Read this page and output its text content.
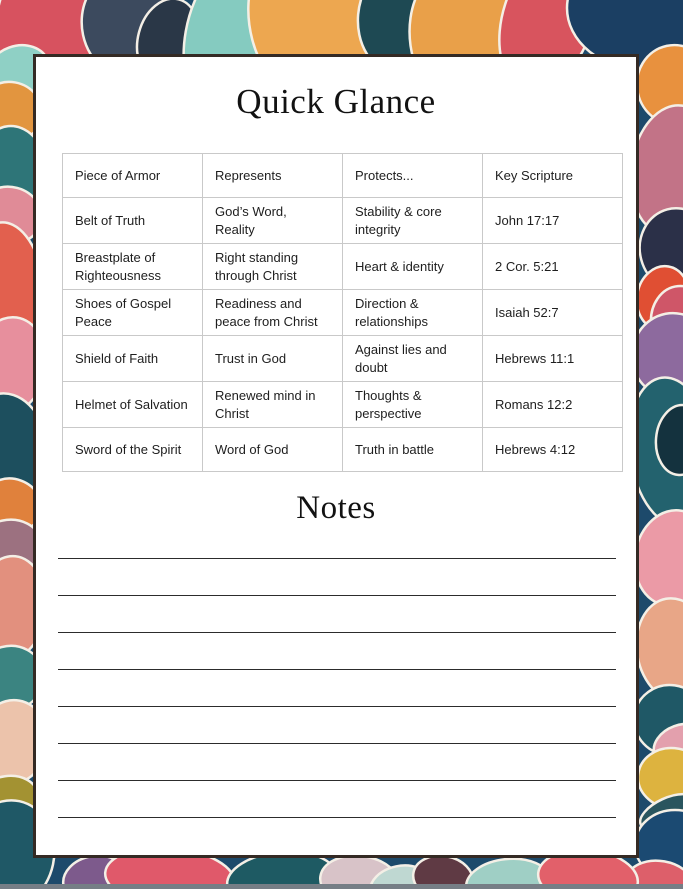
Quick Glance
Piece of Armor	Represents	Protects...	Key Scripture
Belt of Truth	God’s Word, Reality	Stability & core integrity	John 17:17
Breastplate of Righteousness	Right standing through Christ	Heart & identity	2 Cor. 5:21
Shoes of Gospel Peace	Readiness and peace from Christ	Direction & relationships	Isaiah 52:7
Shield of Faith	Trust in God	Against lies and doubt	Hebrews 11:1
Helmet of Salvation	Renewed mind in Christ	Thoughts & perspective	Romans 12:2
Sword of the Spirit	Word of God	Truth in battle	Hebrews 4:12
Notes
